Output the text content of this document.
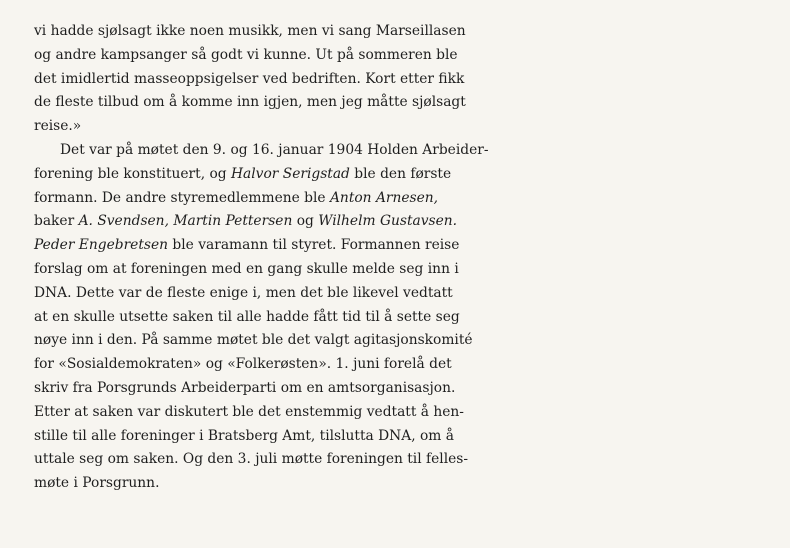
vi hadde sjølsagt ikke noen musikk, men vi sang Marseillasen
og andre kampsanger så godt vi kunne. Ut på sommeren ble
det imidlertid masseoppsigelser ved bedriften. Kort etter fikk
de fleste tilbud om å komme inn igjen, men jeg måtte sjølsagt
reise.»
Det var på møtet den 9. og 16. januar 1904 Holden Arbeider-
forening ble konstituert, og Halvor Serigstad ble den første
formann. De andre styremedlemmene ble Anton Arnesen,
baker A. Svendsen, Martin Pettersen og Wilhelm Gustavsen.
Peder Engebretsen ble varamann til styret. Formannen reise
forslag om at foreningen med en gang skulle melde seg inn i
DNA. Dette var de fleste enige i, men det ble likevel vedtatt
at en skulle utsette saken til alle hadde fått tid til å sette seg
nøye inn i den. På samme møtet ble det valgt agitasjonskomité
for «Sosialdemokraten» og «Folkerøsten». 1. juni forelå det
skriv fra Porsgrunds Arbeiderparti om en amtsorganisasjon.
Etter at saken var diskutert ble det enstemmig vedtatt å hen-
stille til alle foreninger i Bratsberg Amt, tilslutta DNA, om å
uttale seg om saken. Og den 3. juli møtte foreningen til felles-
møte i Porsgrunn.
